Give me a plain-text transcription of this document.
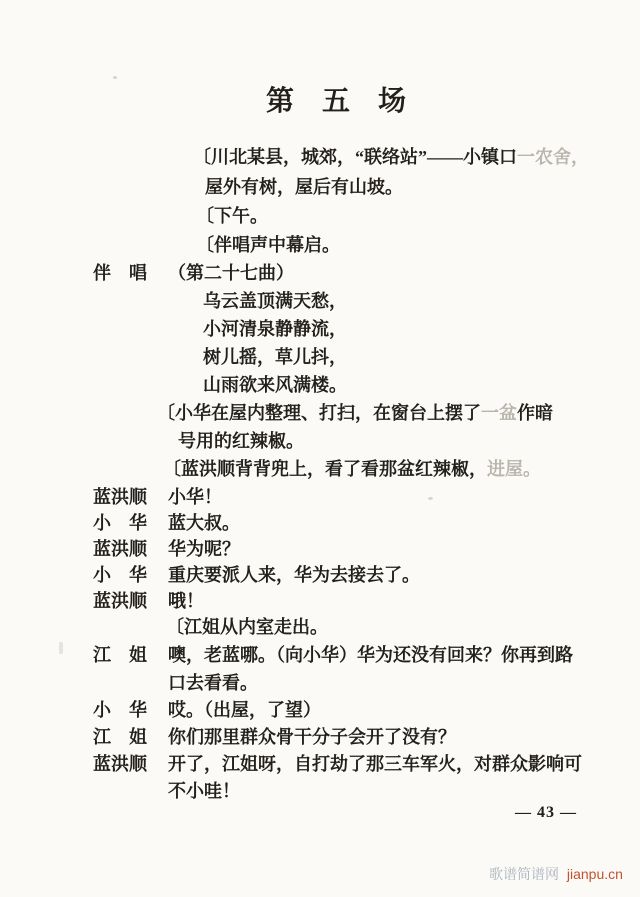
第　五　场
〔川北某县，城郊，“联络站”——小镇口一农舍，
屋外有树，屋后有山坡。
〔下午。
〔伴唱声中幕启。
伴　唱 （第二十七曲）
乌云盖顶满天愁，
小河清泉静静流，
树儿摇，草儿抖，
山雨欲来风满楼。
〔小华在屋内整理、打扫，在窗台上摆了一盆作暗
号用的红辣椒。
〔蓝洪顺背背兜上，看了看那盆红辣椒，进屋。
蓝洪顺 小华！
小　华 蓝大叔。
蓝洪顺 华为呢？
小　华 重庆要派人来，华为去接去了。
蓝洪顺 哦！
〔江姐从内室走出。
江　姐 噢，老蓝哪。（向小华）华为还没有回来？你再到路
口去看看。
小　华 哎。（出屋，了望）
江　姐 你们那里群众骨干分子会开了没有？
蓝洪顺 开了，江姐呀，自打劫了那三车军火，对群众影响可
不小哇！
— 43 —
歌谱简谱网 jianpu.cn
